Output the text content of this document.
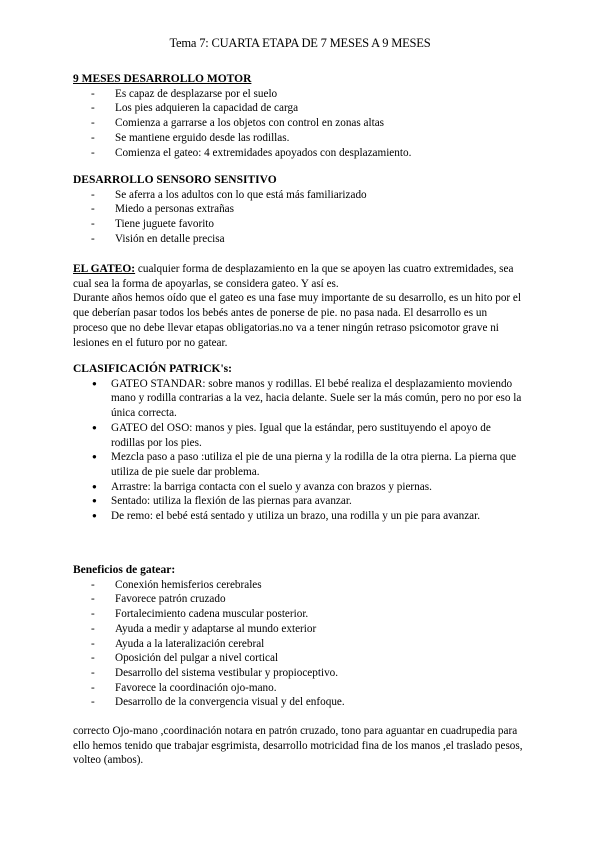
Tema 7: CUARTA ETAPA DE 7 MESES A 9 MESES
9 MESES DESARROLLO MOTOR
- Es capaz de desplazarse por el suelo
- Los pies adquieren la capacidad de carga
- Comienza a garrarse a los objetos con control en zonas altas
- Se mantiene erguido desde las rodillas.
- Comienza el gateo: 4 extremidades apoyados con desplazamiento.
DESARROLLO SENSORO SENSITIVO
- Se aferra a los adultos con lo que está más familiarizado
- Miedo a personas extrañas
- Tiene juguete favorito
- Visión en detalle precisa

EL GATEO: cualquier forma de desplazamiento en la que se apoyen las cuatro extremidades, sea cual sea la forma de apoyarlas, se considera gateo. Y así es.

Durante años hemos oído que el gateo es una fase muy importante de su desarrollo, es un hito por el que deberían pasar todos los bebés antes de ponerse de pie. no pasa nada. El desarrollo es un proceso que no debe llevar etapas obligatorias.no va a tener ningún retraso psicomotor grave ni lesiones en el futuro por no gatear.

CLASIFICACIÓN PATRICK's:
● GATEO STANDAR: sobre manos y rodillas. El bebé realiza el desplazamiento moviendo mano y rodilla contrarias a la vez, hacia delante. Suele ser la más común, pero no por eso la única correcta.
● GATEO del OSO: manos y pies. Igual que la estándar, pero sustituyendo el apoyo de rodillas por los pies.
● Mezcla paso a paso :utiliza el pie de una pierna y la rodilla de la otra pierna. La pierna que utiliza de pie suele dar problema.
● Arrastre: la barriga contacta con el suelo y avanza con brazos y piernas.
● Sentado: utiliza la flexión de las piernas para avanzar.
● De remo: el bebé está sentado y utiliza un brazo, una rodilla y un pie para avanzar.
Beneficios de gatear:
- Conexión hemisferios cerebrales
- Favorece patrón cruzado
- Fortalecimiento cadena muscular posterior.
- Ayuda a medir y adaptarse al mundo exterior
- Ayuda a la lateralización cerebral
- Oposición del pulgar a nivel cortical
- Desarrollo del sistema vestibular y propioceptivo.
- Favorece la coordinación ojo-mano.
- Desarrollo de la convergencia visual y del enfoque.

correcto Ojo-mano ,coordinación notara en patrón cruzado, tono para aguantar en cuadrupedia para ello hemos tenido que trabajar esgrimista, desarrollo motricidad fina de los manos ,el traslado pesos, volteo (ambos).
